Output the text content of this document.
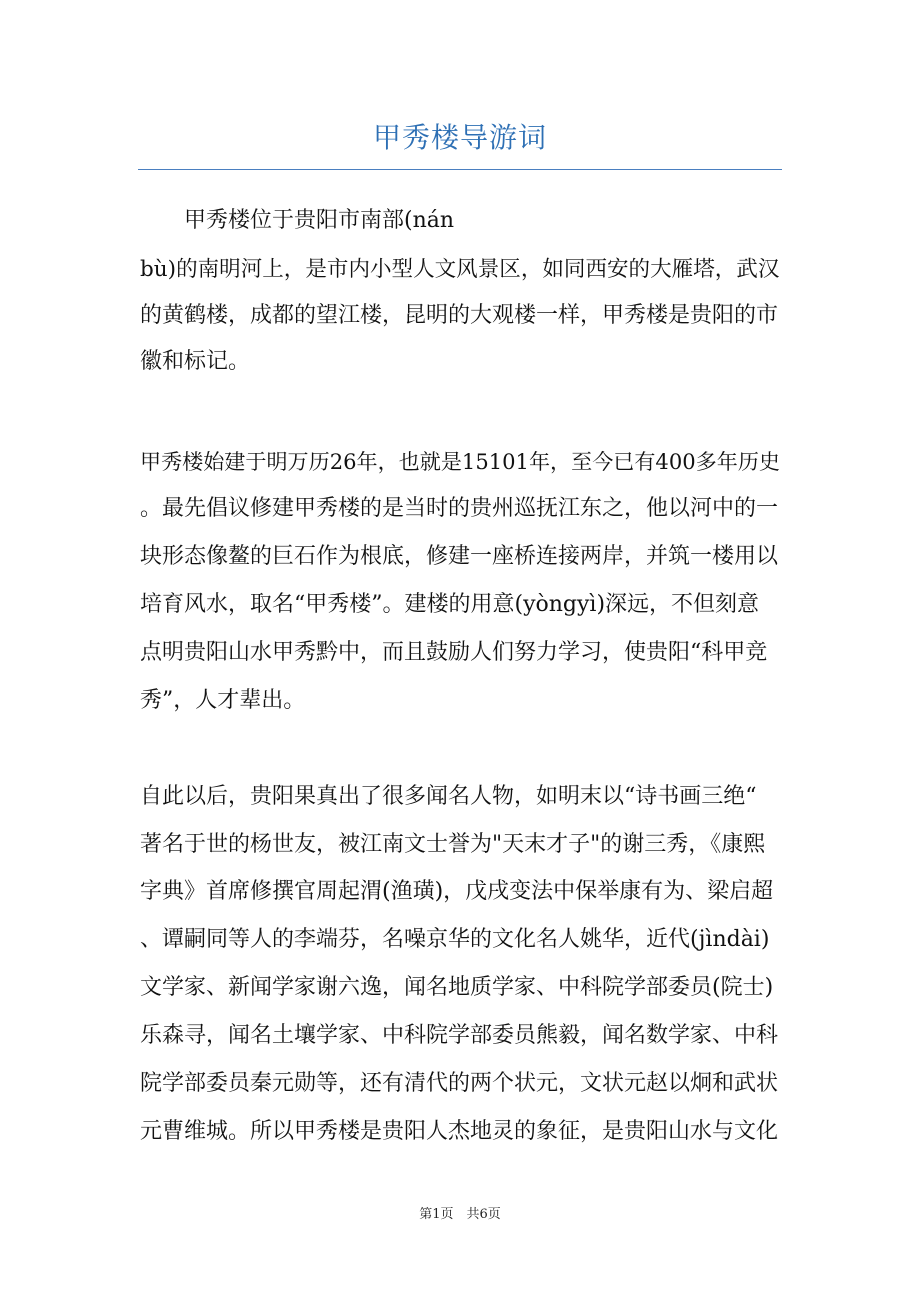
甲秀楼导游词
甲秀楼位于贵阳市南部(nán
bù)的南明河上，是市内小型人文风景区，如同西安的大雁塔，武汉
的黄鹤楼，成都的望江楼，昆明的大观楼一样，甲秀楼是贵阳的市
徽和标记。
甲秀楼始建于明万历26年，也就是15101年，至今已有400多年历史
。最先倡议修建甲秀楼的是当时的贵州巡抚江东之，他以河中的一
块形态像鳌的巨石作为根底，修建一座桥连接两岸，并筑一楼用以
培育风水，取名“甲秀楼”。建楼的用意(yòngyì)深远，不但刻意
点明贵阳山水甲秀黔中，而且鼓励人们努力学习，使贵阳“科甲竞
秀”，人才辈出。
自此以后，贵阳果真出了很多闻名人物，如明末以“诗书画三绝“
著名于世的杨世友，被江南文士誉为"天末才子"的谢三秀，《康熙
字典》首席修撰官周起渭(渔璜)，戊戌变法中保举康有为、梁启超
、谭嗣同等人的李端芬，名噪京华的文化名人姚华，近代(jìndài)
文学家、新闻学家谢六逸，闻名地质学家、中科院学部委员(院士)
乐森寻，闻名土壤学家、中科院学部委员熊毅，闻名数学家、中科
院学部委员秦元勋等，还有清代的两个状元，文状元赵以炯和武状
元曹维城。所以甲秀楼是贵阳人杰地灵的象征，是贵阳山水与文化
第1页　共6页
